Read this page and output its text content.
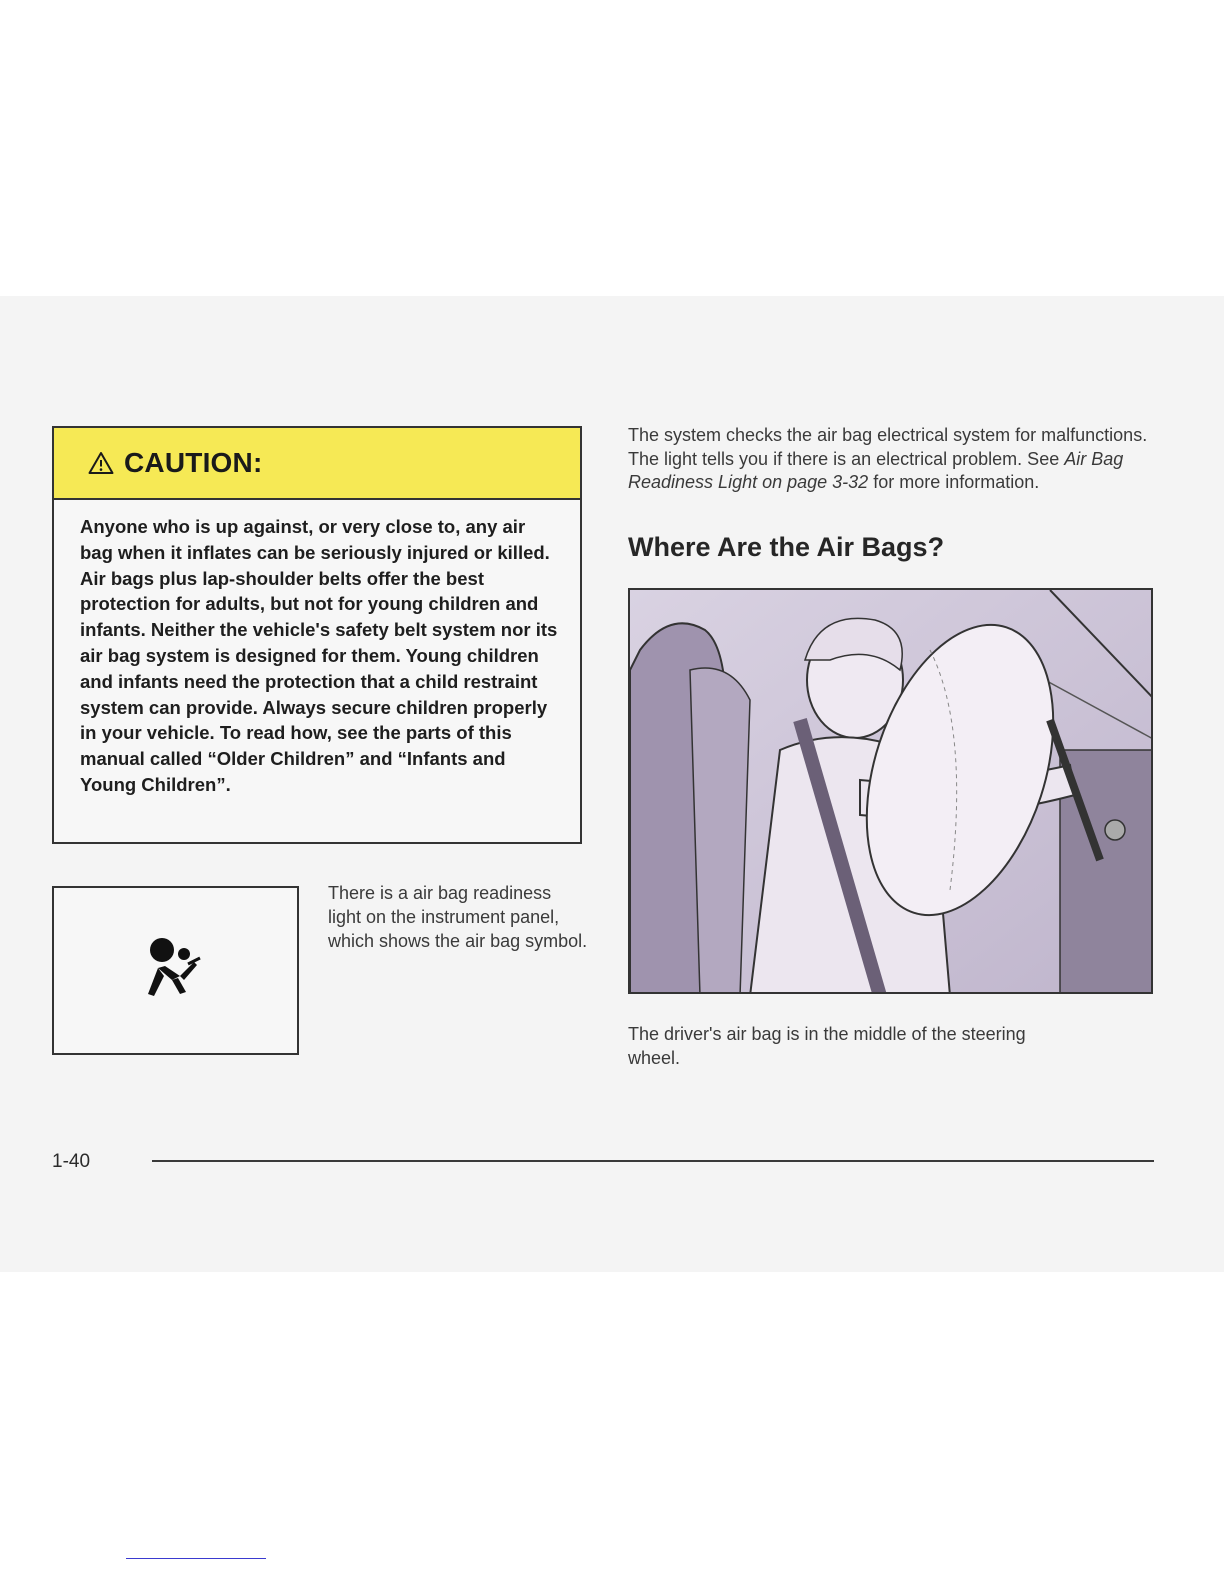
CAUTION:
Anyone who is up against, or very close to, any air bag when it inflates can be seriously injured or killed. Air bags plus lap-shoulder belts offer the best protection for adults, but not for young children and infants. Neither the vehicle's safety belt system nor its air bag system is designed for them. Young children and infants need the protection that a child restraint system can provide. Always secure children properly in your vehicle. To read how, see the parts of this manual called “Older Children” and “Infants and Young Children”.
There is a air bag readiness light on the instrument panel, which shows the air bag symbol.
The system checks the air bag electrical system for malfunctions. The light tells you if there is an electrical problem. See Air Bag Readiness Light on page 3-32 for more information.
Where Are the Air Bags?
The driver's air bag is in the middle of the steering wheel.
1-40
